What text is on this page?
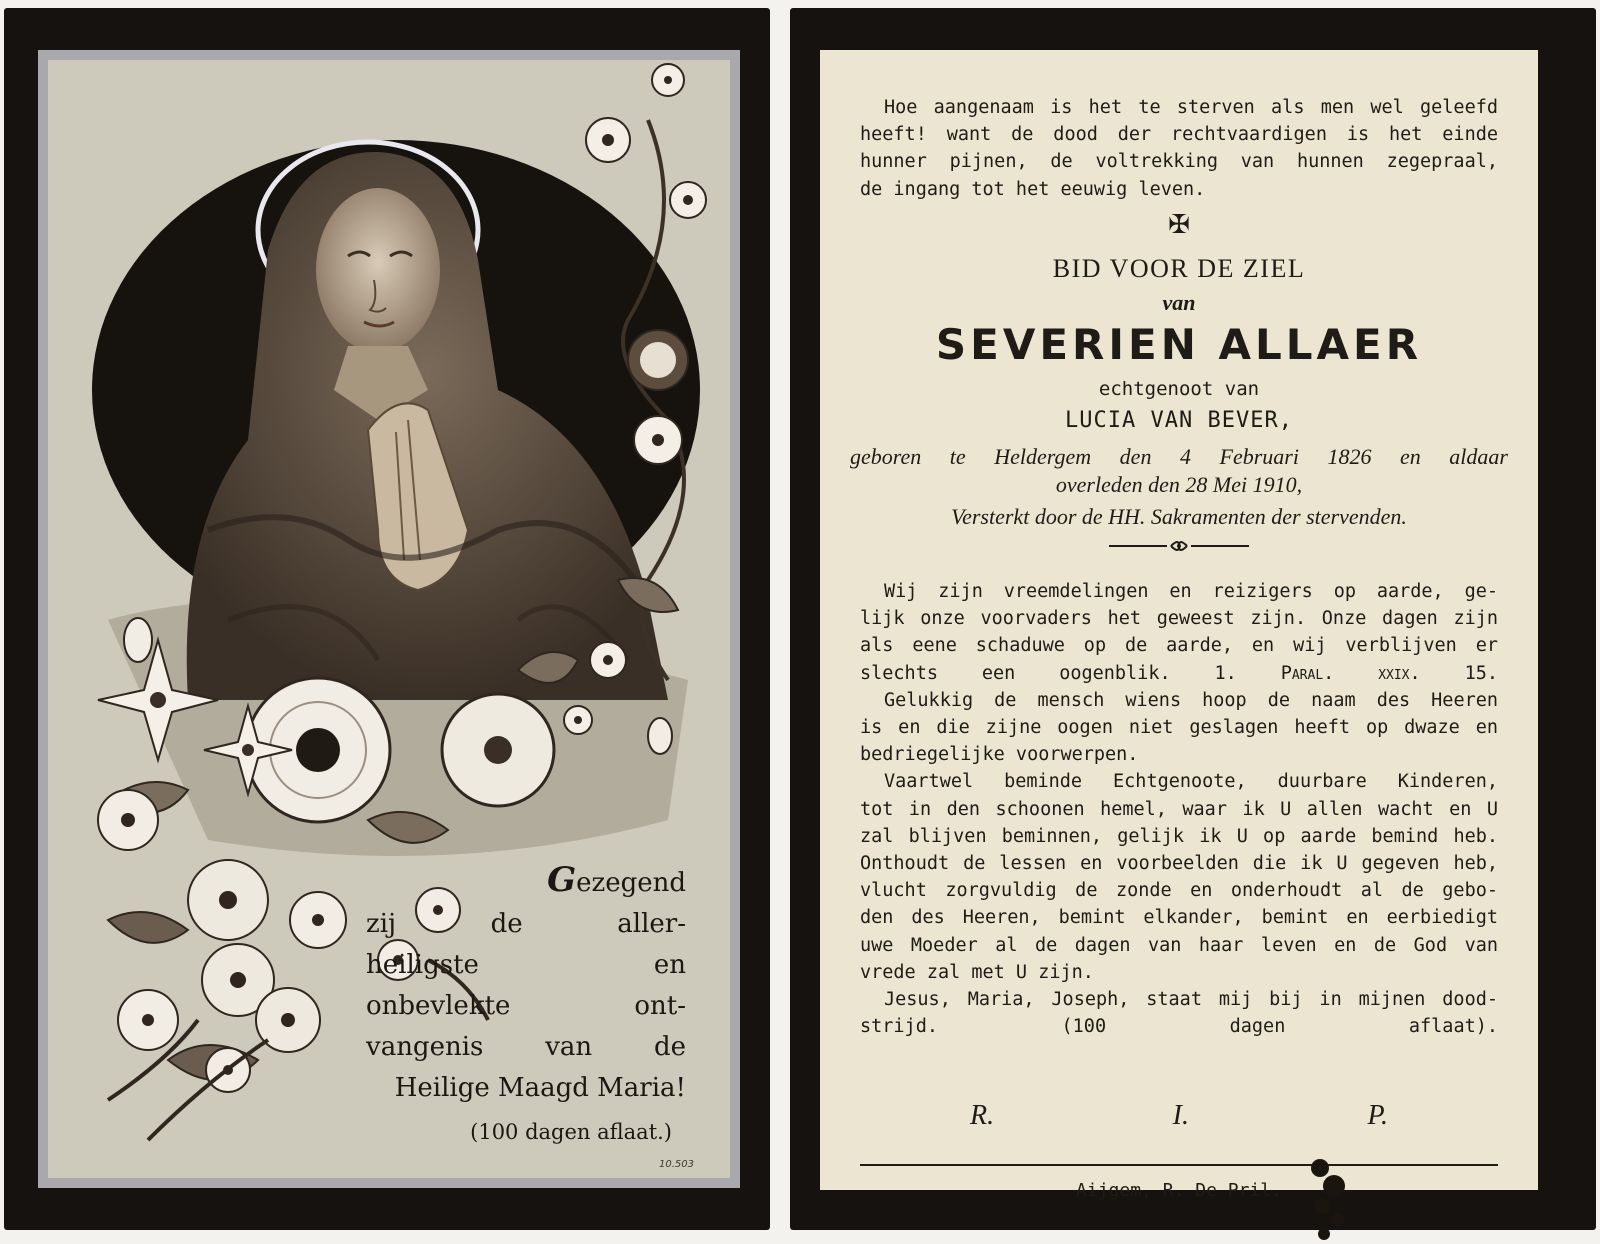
Gezegend
zij de aller-
heiligste en
onbevlekte ont-
vangenis van de
Heilige Maagd Maria!
(100 dagen aflaat.)
10.503
Hoe aangenaam is het te sterven als men wel geleefd
heeft! want de dood der rechtvaardigen is het einde
hunner pijnen, de voltrekking van hunnen zegepraal,
de ingang tot het eeuwig leven.
✠
BID VOOR DE ZIEL
van
SEVERIEN ALLAER
echtgenoot van
LUCIA VAN BEVER,
geboren te Heldergem den 4 Februari 1826 en aldaar
overleden den 28 Mei 1910,
Versterkt door de HH. Sakramenten der stervenden.
Wij zijn vreemdelingen en reizigers op aarde, ge-
lijk onze voorvaders het geweest zijn. Onze dagen zijn
als eene schaduwe op de aarde, en wij verblijven er
slechts een oogenblik. 1. Paral. xxix. 15.
Gelukkig de mensch wiens hoop de naam des Heeren
is en die zijne oogen niet geslagen heeft op dwaze en
bedriegelijke voorwerpen.
Vaartwel beminde Echtgenoote, duurbare Kinderen,
tot in den schoonen hemel, waar ik U allen wacht en U
zal blijven beminnen, gelijk ik U op aarde bemind heb.
Onthoudt de lessen en voorbeelden die ik U gegeven heb,
vlucht zorgvuldig de zonde en onderhoudt al de gebo-
den des Heeren, bemint elkander, bemint en eerbiedigt
uwe Moeder al de dagen van haar leven en de God van
vrede zal met U zijn.
Jesus, Maria, Joseph, staat mij bij in mijnen dood-
strijd.	(100 dagen aflaat).
R.	I.	P.
Aijgem, R. De Pril.
